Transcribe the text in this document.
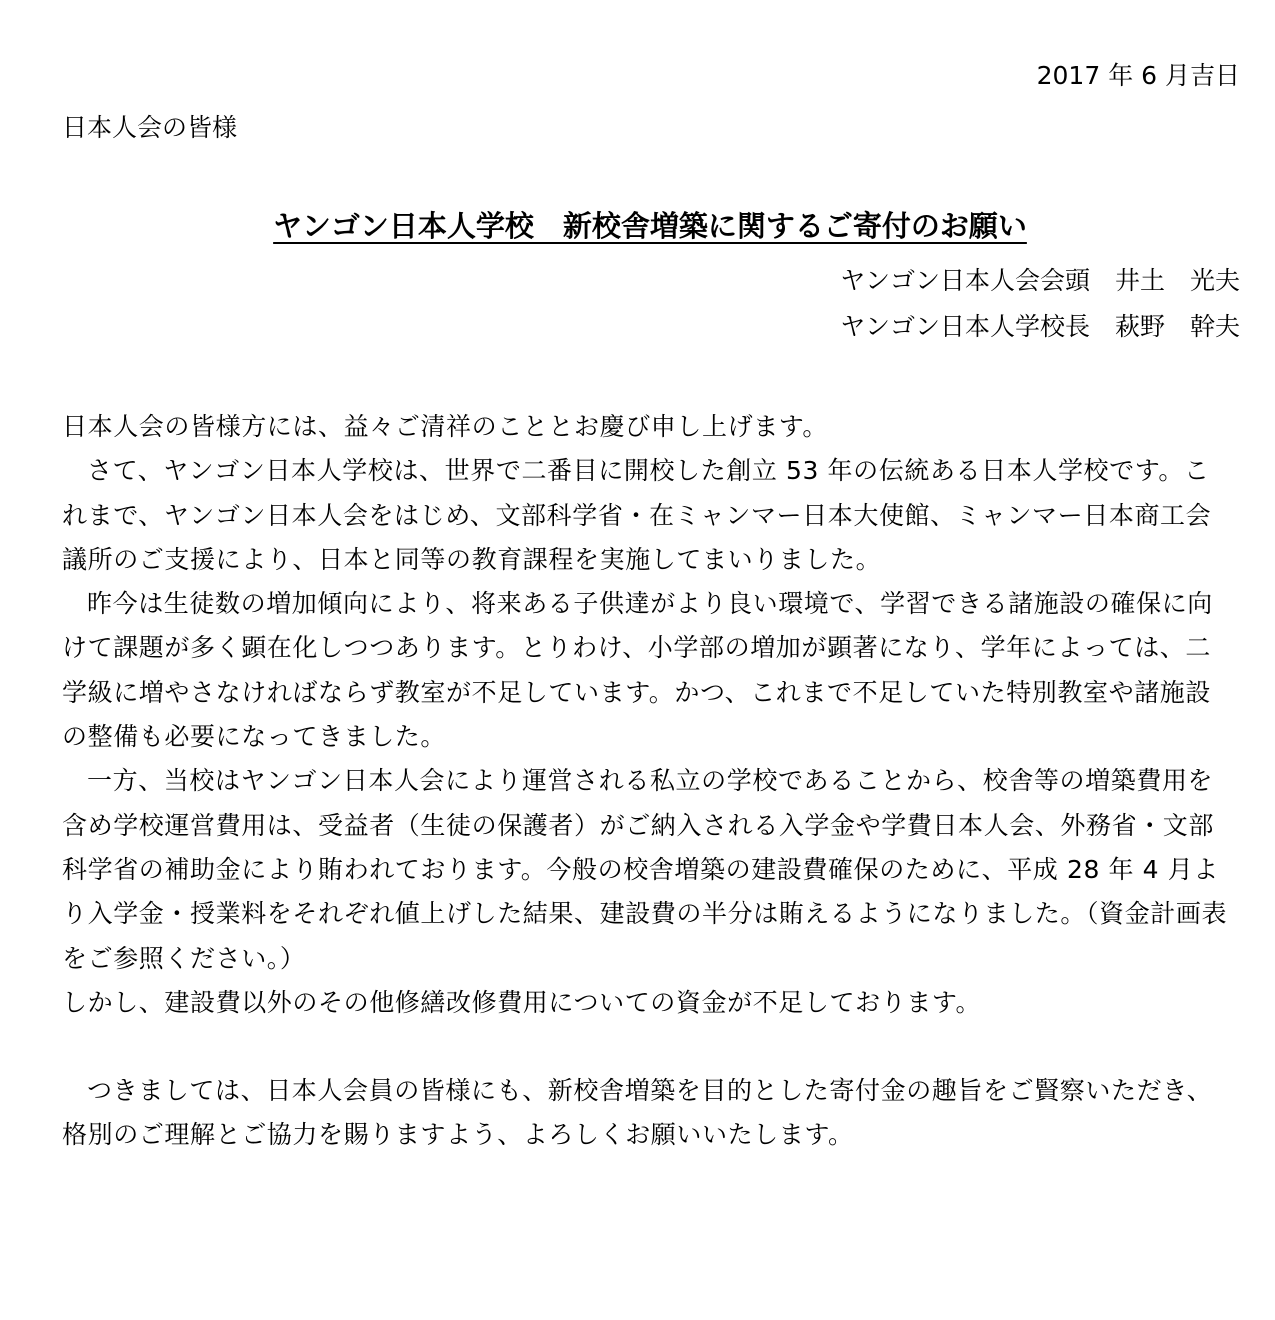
2017 年 6 月吉日
日本人会の皆様
ヤンゴン日本人学校　新校舎増築に関するご寄付のお願い
ヤンゴン日本人会会頭　井土　光夫
ヤンゴン日本人学校長　萩野　幹夫

日本人会の皆様方には、益々ご清祥のこととお慶び申し上げます。

さて、ヤンゴン日本人学校は、世界で二番目に開校した創立 53 年の伝統ある日本人学校です。これまで、ヤンゴン日本人会をはじめ、文部科学省・在ミャンマー日本大使館、ミャンマー日本商工会議所のご支援により、日本と同等の教育課程を実施してまいりました。

昨今は生徒数の増加傾向により、将来ある子供達がより良い環境で、学習できる諸施設の確保に向けて課題が多く顕在化しつつあります。とりわけ、小学部の増加が顕著になり、学年によっては、二学級に増やさなければならず教室が不足しています。かつ、これまで不足していた特別教室や諸施設の整備も必要になってきました。

一方、当校はヤンゴン日本人会により運営される私立の学校であることから、校舎等の増築費用を含め学校運営費用は、受益者（生徒の保護者）がご納入される入学金や学費日本人会、外務省・文部科学省の補助金により賄われております。今般の校舎増築の建設費確保のために、平成 28 年 4 月より入学金・授業料をそれぞれ値上げした結果、建設費の半分は賄えるようになりました。（資金計画表をご参照ください。）

しかし、建設費以外のその他修繕改修費用についての資金が不足しております。

つきましては、日本人会員の皆様にも、新校舎増築を目的とした寄付金の趣旨をご賢察いただき、格別のご理解とご協力を賜りますよう、よろしくお願いいたします。
